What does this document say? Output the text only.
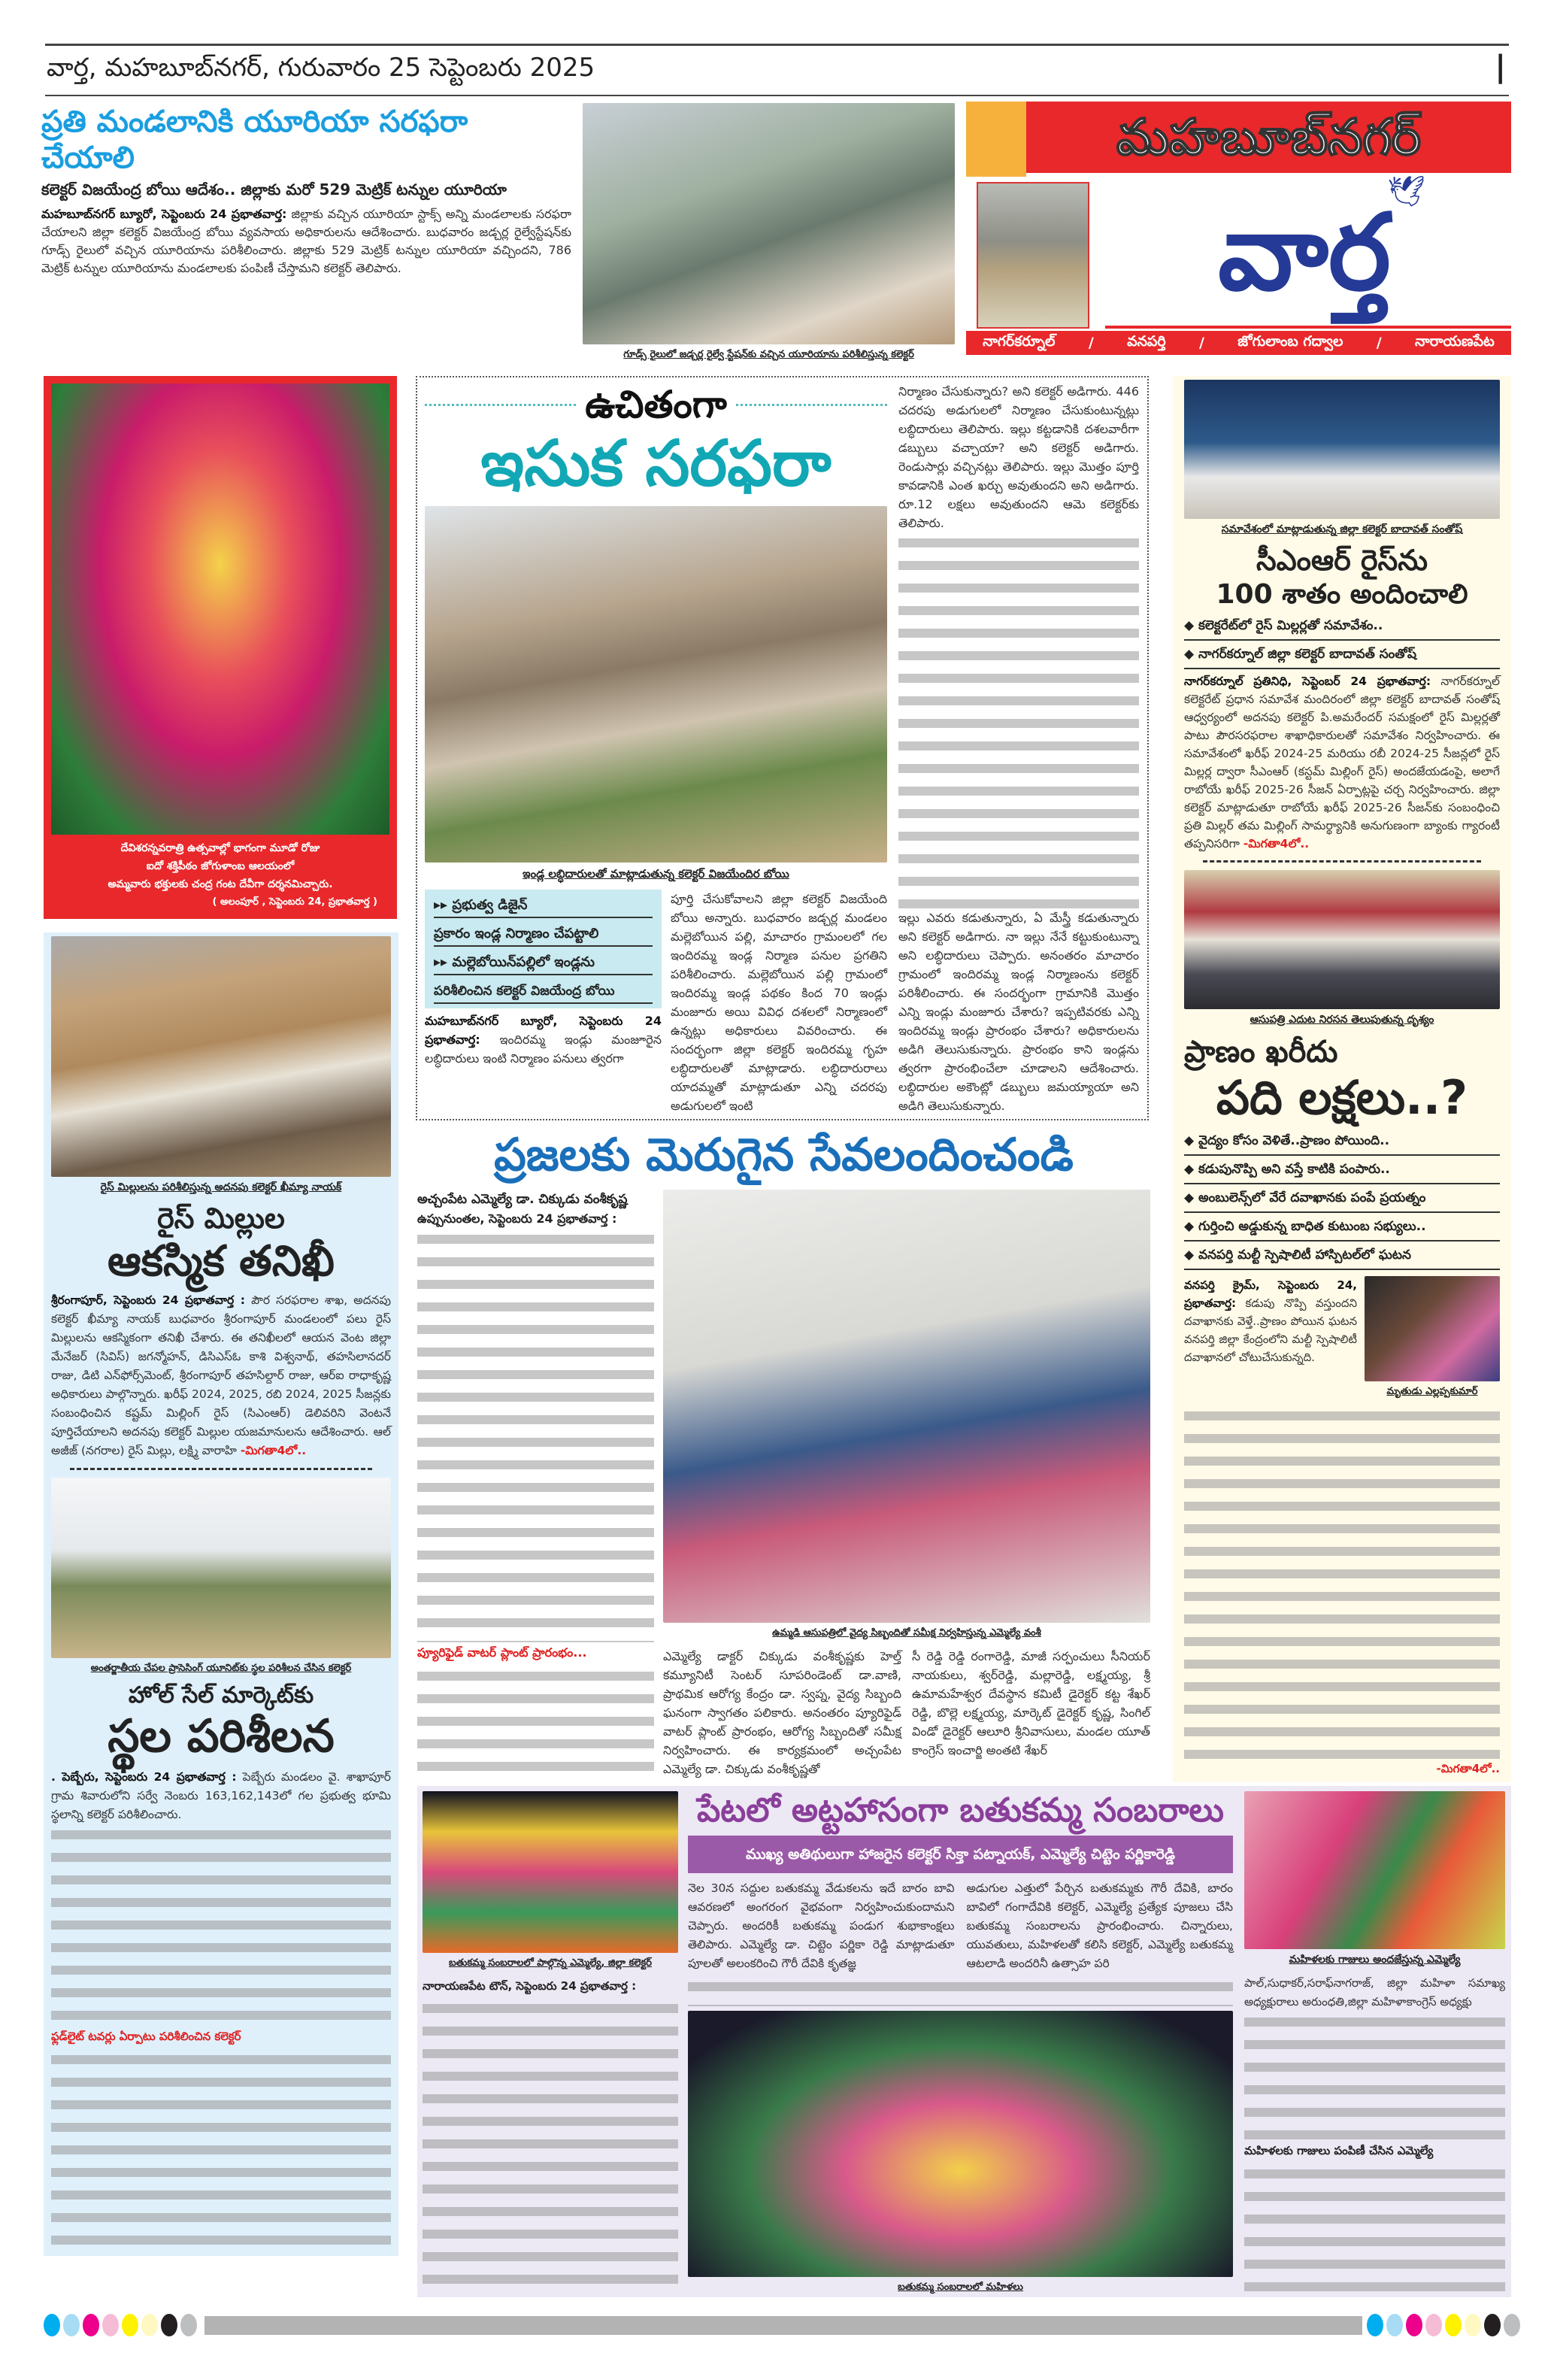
వార్త, మహబూబ్‌నగర్, గురువారం 25 సెప్టెంబరు 2025	|
ప్రతి మండలానికి యూరియా సరఫరా చేయాలి
కలెక్టర్ విజయేంద్ర బోయి ఆదేశం.. జిల్లాకు మరో 529 మెట్రిక్ టన్నుల యూరియా
మహబూబ్‌నగర్ బ్యూరో, సెప్టెంబరు 24 ప్రభాతవార్త: జిల్లాకు వచ్చిన యూరియా స్టాక్స్ అన్ని మండలాలకు సరఫరా చేయాలని జిల్లా కలెక్టర్ విజయేంద్ర బోయి వ్యవసాయ అధికారులను ఆదేశించారు. బుధవారం జడ్చర్ల రైల్వేస్టేషన్‌కు గూడ్స్ రైలులో వచ్చిన యూరియాను పరిశీలించారు. జిల్లాకు 529 మెట్రిక్ టన్నుల యూరియా వచ్చిందని, 786 మెట్రిక్ టన్నుల యూరియాను మండలాలకు పంపిణీ చేస్తామని కలెక్టర్ తెలిపారు.
గూడ్స్ రైలులో జడ్చర్ల రైల్వే స్టేషన్‌కు వచ్చిన యూరియాను పరిశీలిస్తున్న కలెక్టర్
మహబూబ్‌నగర్
వార్త
🕊
నాగర్‌కర్నూల్ / వనపర్తి / జోగులాంబ గద్వాల / నారాయణపేట
దేవిశరన్నవరాత్రి ఉత్సవాల్లో భాగంగా మూడో రోజు
ఐదో శక్తిపీఠం జోగుళాంబ ఆలయంలో
అమ్మవారు భక్తులకు చంద్ర గంట దేవీగా దర్శనమిచ్చారు.
( అలంపూర్ , సెప్టెంబరు 24, ప్రభాతవార్త )
ఉచితంగా
ఇసుక సరఫరా
ఇండ్ల లబ్ధిదారులతో మాట్లాడుతున్న కలెక్టర్ విజయేందిర బోయి
▸▸ ప్రభుత్వ డిజైన్
ప్రకారం ఇండ్ల నిర్మాణం చేపట్టాలి
▸▸ మల్లెబోయిన్‌పల్లిలో ఇండ్లను
పరిశీలించిన కలెక్టర్ విజయేంద్ర బోయి
మహబూబ్‌నగర్ బ్యూరో, సెప్టెంబరు 24 ప్రభాతవార్త: ఇందిరమ్మ ఇండ్లు మంజూరైన లబ్ధిదారులు ఇంటి నిర్మాణం పనులు త్వరగా
పూర్తి చేసుకోవాలని జిల్లా కలెక్టర్ విజయేంది బోయి అన్నారు. బుధవారం జడ్చర్ల మండలం మల్లెబోయిన పల్లి, మాచారం గ్రామంలలో గల ఇందిరమ్మ ఇండ్ల నిర్మాణ పనుల ప్రగతిని పరిశీలించారు. మల్లెబోయిన పల్లి గ్రామంలో ఇందిరమ్మ ఇండ్ల పథకం కింద 70 ఇండ్లు మంజూరు అయి వివిధ దశలలో నిర్మాణంలో ఉన్నట్లు అధికారులు వివరించారు. ఈ సందర్భంగా జిల్లా కలెక్టర్ ఇందిరమ్మ గృహ లబ్ధిదారులతో మాట్లాడారు. లబ్ధిదారురాలు యాదమ్మతో మాట్లాడుతూ ఎన్ని చదరపు అడుగులలో ఇంటి
నిర్మాణం చేసుకున్నారు? అని కలెక్టర్ అడిగారు. 446 చదరపు అడుగులలో నిర్మాణం చేసుకుంటున్నట్లు లబ్ధిదారులు తెలిపారు. ఇల్లు కట్టడానికి దశలవారీగా డబ్బులు వచ్చాయా? అని కలెక్టర్ అడిగారు. రెండుసార్లు వచ్చినట్లు తెలిపారు. ఇల్లు మొత్తం పూర్తి కావడానికి ఎంత ఖర్చు అవుతుందని అని అడిగారు. రూ.12 లక్షలు అవుతుందని ఆమె కలెక్టర్‌కు తెలిపారు.
ఇల్లు ఎవరు కడుతున్నారు, ఏ మేస్త్రీ కడుతున్నారు అని కలెక్టర్ అడిగారు. నా ఇల్లు నేనే కట్టుకుంటున్నా అని లబ్ధిదారులు చెప్పారు. అనంతరం మాచారం గ్రామంలో ఇందిరమ్మ ఇండ్ల నిర్మాణంను కలెక్టర్ పరిశీలించారు. ఈ సందర్భంగా గ్రామానికి మొత్తం ఎన్ని ఇండ్లు మంజూరు చేశారు? ఇప్పటివరకు ఎన్ని ఇందిరమ్మ ఇండ్లు ప్రారంభం చేశారు? అధికారులను అడిగి తెలుసుకున్నారు. ప్రారంభం కాని ఇండ్లను త్వరగా ప్రారంభించేలా చూడాలని ఆదేశించారు. లబ్ధిదారుల అకౌంట్లో డబ్బులు జమయ్యాయా అని అడిగి తెలుసుకున్నారు.
సమావేశంలో మాట్లాడుతున్న జిల్లా కలెక్టర్ బాదావత్ సంతోష్
సీఎంఆర్ రైస్‌ను
100 శాతం అందించాలి
◆ కలెక్టరేట్‌లో రైస్ మిల్లర్లతో సమావేశం..
◆ నాగర్‌కర్నూల్ జిల్లా కలెక్టర్ బాదావత్ సంతోష్
నాగర్‌కర్నూల్ ప్రతినిధి, సెప్టెంబర్ 24 ప్రభాతవార్త: నాగర్‌కర్నూల్ కలెక్టరేట్ ప్రధాన సమావేశ మందిరంలో జిల్లా కలెక్టర్ బాదావత్ సంతోష్ ఆధ్వర్యంలో అదనపు కలెక్టర్ పి.అమరేందర్ సమక్షంలో రైస్ మిల్లర్లతో పాటు పౌరసరఫరాల శాఖాధికారులతో సమావేశం నిర్వహించారు. ఈ సమావేశంలో ఖరీఫ్ 2024-25 మరియు రబీ 2024-25 సీజన్లలో రైస్ మిల్లర్ల ద్వారా సీఎంఆర్ (కస్టమ్ మిల్లింగ్ రైస్) అందజేయడంపై, అలాగే రాబోయే ఖరీఫ్ 2025-26 సీజన్ ఏర్పాట్లపై చర్చ నిర్వహించారు. జిల్లా కలెక్టర్ మాట్లాడుతూ రాబోయే ఖరీఫ్ 2025-26 సీజన్‌కు సంబంధించి ప్రతి మిల్లర్ తమ మిల్లింగ్ సామర్థ్యానికి అనుగుణంగా బ్యాంకు గ్యారంటీ తప్పనిసరిగా -మిగతా4లో..
ఆసుపత్రి ఎదుట నిరసన తెలుపుతున్న దృశ్యం
ప్రాణం ఖరీదు
పది లక్షలు..?
◆ వైద్యం కోసం వెళితే..ప్రాణం పోయింది..
◆ కడుపునొప్పి అని వస్తే కాటికి పంపారు..
◆ అంబులెన్స్‌లో వేరే దవాఖానకు పంపే ప్రయత్నం
◆ గుర్తించి అడ్డుకున్న బాధిత కుటుంబ సభ్యులు..
◆ వనపర్తి మల్టీ స్పెషాలిటీ హాస్పిటల్‌లో ఘటన
వనపర్తి క్రైమ్, సెప్టెంబరు 24, ప్రభాతవార్త: కడుపు నొప్పి వస్తుందని దవాఖానకు వెళ్తే..ప్రాణం పోయిన ఘటన వనపర్తి జిల్లా కేంద్రంలోని మల్టీ స్పెషాలిటీ దవాఖానలో చోటుచేసుకున్నది.
మృతుడు ఎల్లప్పకుమార్
-మిగతా4లో..
రైస్ మిల్లులను పరిశీలిస్తున్న అదనపు కలెక్టర్ ఖీమ్యా నాయక్
రైస్ మిల్లుల
ఆకస్మిక తనిఖీ
శ్రీరంగాపూర్, సెప్టెంబరు 24 ప్రభాతవార్త : పౌర సరఫరాల శాఖ, అదనపు కలెక్టర్ ఖీమ్యా నాయక్ బుధవారం శ్రీరంగాపూర్ మండలంలో పలు రైస్ మిల్లులను ఆకస్మికంగా తనిఖీ చేశారు. ఈ తనిఖీలలో ఆయన వెంట జిల్లా మేనేజర్ (సివిస్) జగన్మోహన్, డిసిఎస్ఓ కాశి విశ్వనాథ్, తహసిలానదర్ రాజు, డిటి ఎన్‌ఫోర్స్‌మెంట్, శ్రీరంగాపూర్ తహసిల్దార్ రాజు, ఆర్ఐ రాధాకృష్ణ అధికారులు పాల్గొన్నారు. ఖరీఫ్ 2024, 2025, రబి 2024, 2025 సీజన్లకు సంబంధించిన కష్టమ్ మిల్లింగ్ రైస్ (సిఎంఆర్) డెలివరిని వెంటనే పూర్తిచేయాలని అదనపు కలెక్టర్ మిల్లుల యజమానులను ఆదేశించారు. ఆల్ అజీజ్ (నగరాల) రైస్ మిల్లు, లక్ష్మి వారాహి -మిగతా4లో..
అంతర్జాతీయ చేపల ప్రాసెసింగ్ యూనిట్‌కు స్థల పరిశీలన చేసిన కలెక్టర్
హోల్ సేల్ మార్కెట్‌కు
స్థల పరిశీలన
. పెబ్బేరు, సెప్టెంబరు 24 ప్రభాతవార్త : పెబ్బేరు మండలం వై. శాఖాపూర్ గ్రామ శివారులోని సర్వే నెంబరు 163,162,143లో గల ప్రభుత్వ భూమి స్థలాన్ని కలెక్టర్ పరిశీలించారు.
ఫ్లడ్‌లైట్ టవర్లు ఏర్పాటు పరిశీలించిన కలెక్టర్
ప్రజలకు మెరుగైన సేవలందించండి
అచ్చంపేట ఎమ్మెల్యే డా. చిక్కుడు వంశీకృష్ణ
ఉప్పునుంతల, సెప్టెంబరు 24 ప్రభాతవార్త :
ప్యూరిఫైడ్ వాటర్ ప్లాంట్ ప్రారంభం...
ఉమ్మడి ఆసుపత్రిలో వైద్య సిబ్బందితో సమీక్ష నిర్వహిస్తున్న ఎమ్మెల్యే వంశీ
ఎమ్మెల్యే డాక్టర్ చిక్కుడు వంశీకృష్ణకు హెల్త్ కమ్యూనిటీ సెంటర్ సూపరిండెంట్ డా.వాణి, ప్రాథమిక ఆరోగ్య కేంద్రం డా. స్వప్న, వైద్య సిబ్బంది ఘనంగా స్వాగతం పలికారు. అనంతరం ప్యూరిఫైడ్ వాటర్ ప్లాంట్ ప్రారంభం, ఆరోగ్య సిబ్బందితో సమీక్ష నిర్వహించారు. ఈ కార్యక్రమంలో అచ్చంపేట ఎమ్మెల్యే డా. చిక్కుడు వంశీకృష్ణతో
సీ రెడ్డి రెడ్డి రంగారెడ్డి, మాజీ సర్పంచులు సీనియర్ నాయకులు, శ్వర్‌రెడ్డి, మల్లారెడ్డి, లక్ష్మయ్య, శ్రీ ఉమామహేశ్వర దేవస్థాన కమిటీ డైరెక్టర్ కట్ట శేఖర్ రెడ్డి, బొల్లె లక్ష్మయ్య, మార్కెట్ డైరెక్టర్ కృష్ణ, సింగిల్ విండో డైరెక్టర్ ఆలూరి శ్రీనివాసులు, మండల యూత్ కాంగ్రెస్ ఇంచార్జి అంతటి శేఖర్
బతుకమ్మ సంబరాలలో పాల్గొన్న ఎమ్మెల్యే, జిల్లా కలెక్టర్
నారాయణపేట టౌన్, సెప్టెంబరు 24 ప్రభాతవార్త :
పేటలో అట్టహాసంగా బతుకమ్మ సంబరాలు
ముఖ్య అతిథులుగా హాజరైన కలెక్టర్ సిక్తా పట్నాయక్, ఎమ్మెల్యే చిట్టెం పర్ణికారెడ్డి
నెల 30న సద్దుల బతుకమ్మ వేడుకలను ఇదే బారం బావి ఆవరణలో అంగరంగ వైభవంగా నిర్వహించుకుందామని చెప్పారు. అందరికీ బతుకమ్మ పండుగ శుభాకాంక్షలు తెలిపారు. ఎమ్మెల్యే డా. చిట్టెం పర్ణికా రెడ్డి మాట్లాడుతూ పూలతో అలంకరించి గౌరీ దేవికి కృతజ్ఞ
అడుగుల ఎత్తులో పేర్చిన బతుకమ్మకు గౌరీ దేవికి, బారం బావిలో గంగాదేవికి కలెక్టర్, ఎమ్మెల్యే ప్రత్యేక పూజలు చేసి బతుకమ్మ సంబరాలను ప్రారంభించారు. చిన్నారులు, యువతులు, మహిళలతో కలిసి కలెక్టర్, ఎమ్మెల్యే బతుకమ్మ ఆటలాడి అందరినీ ఉత్సాహ పరి
బతుకమ్మ సంబరాలలో మహిళలు
మహిళలకు గాజులు అందజేస్తున్న ఎమ్మెల్యే
పాల్,సుధాకర్,సరాఫ్‌నాగరాజ్, జిల్లా మహిళా సమాఖ్య అధ్యక్షురాలు అరుంధతి,జిల్లా మహిళాకాంగ్రెస్ అధ్యక్షు
మహిళలకు గాజులు పంపిణీ చేసిన ఎమ్మెల్యే
